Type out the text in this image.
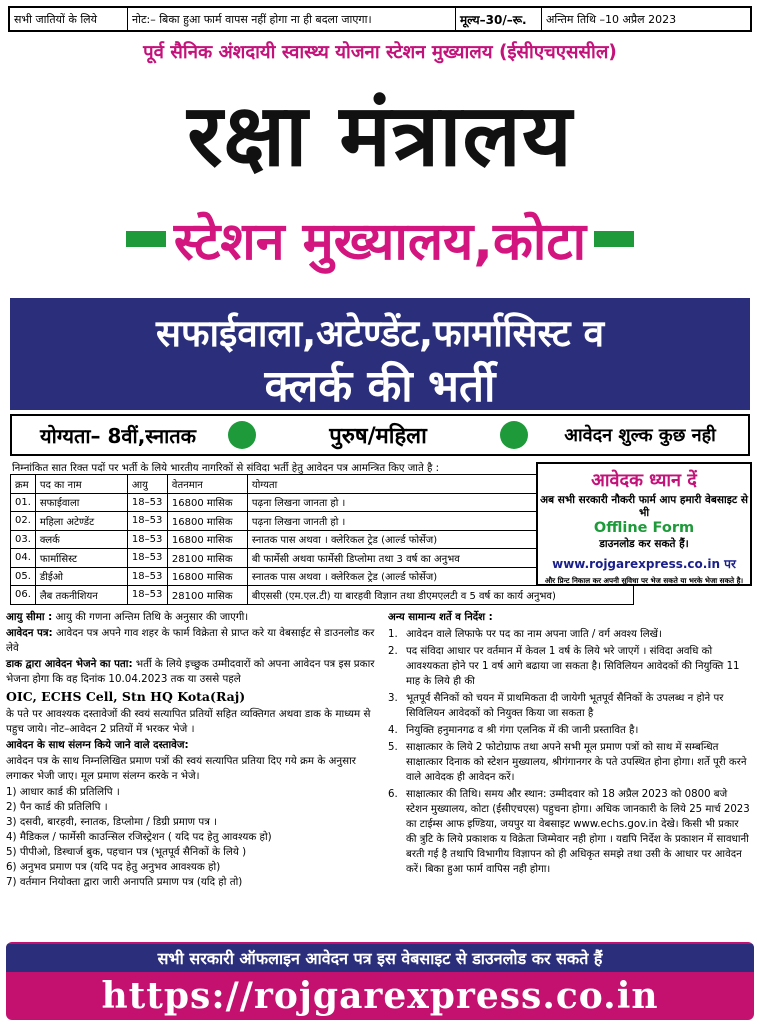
सभी जातियों के लिये	नोट:– बिका हुआ फार्म वापस नहीं होगा ना ही बदला जाएगा।	मूल्य–30/–रू.	अन्तिम तिथि –10 अप्रैल 2023
पूर्व सैनिक अंशदायी स्वास्थ्य योजना स्टेशन मुख्यालय (ईसीएचएससील)
रक्षा मंत्रालय
स्टेशन मुख्यालय,कोटा
सफाईवाला,अटेण्डेंट,फार्मासिस्ट व
क्लर्क की भर्ती
योग्यता– 8वीं,स्नातक	पुरुष/महिला	आवेदन शुल्क कुछ नही
निम्नांकित सात रिक्त पदों पर भर्ती के लिये भारतीय नागरिकों से संविदा भर्ती हेतु आवेदन पत्र आमन्त्रित किए जाते है :
क्रम	पद का नाम	आयु	वेतनमान	योग्यता
01.	सफाईवाला	18–53	16800 मासिक	पढ़ना लिखना जानता हो ।
02.	महिला अटेण्डेंट	18–53	16800 मासिक	पढ़ना लिखना जानती हो ।
03.	क्लर्क	18–53	16800 मासिक	स्नातक पास अथवा । क्लेरिकल ट्रेड (आर्ल्ड फोर्सेज)
04.	फार्मासिस्ट	18–53	28100 मासिक	बी फार्मेसी अथवा फार्मेसी डिप्लोमा तथा 3 वर्ष का अनुभव
05.	डीईओ	18–53	16800 मासिक	स्नातक पास अथवा । क्लेरिकल ट्रेड (आर्ल्ड फोर्सेज)
06.	लैब तकनीशियन	18–53	28100 मासिक	बीएससी (एम.एल.टी) या बारहवी विज्ञान तथा डीएमएलटी व 5 वर्ष का कार्य अनुभव)
आवेदक ध्यान दें
अब सभी सरकारी नौकरी फार्म आप हमारी वेबसाइट से भी
Offline Form
डाउनलोड कर सकते हैं।
www.rojgarexpress.co.in पर
और प्रिन्ट निकाल कर अपनी सुविधा पर भेज सकते या भरके भेजा सकते है।

आयु सीमा : आयु की गणना अन्तिम तिथि के अनुसार की जाएगी।

आवेदन पत्र: आवेदन पत्र अपने गाव शहर के फार्म विक्रेता से प्राप्त करे या वेबसाईट से डाउनलोड कर लेवे

डाक द्वारा आवेदन भेजने का पता: भर्ती के लिये इच्छुक उम्मीदवारों को अपना आवेदन पत्र इस प्रकार भेजना होगा कि वह दिनांक 10.04.2023 तक या उससे पहले

OIC, ECHS Cell, Stn HQ Kota(Raj)

के पते पर आवश्यक दस्तावेजों की स्वयं सत्यापित प्रतियों सहित व्यक्तिगत अथवा डाक के माध्यम से पहुच जाये। नोट–आवेदन 2 प्रतियों में भरकर भेजे ।

आवेदन के साथ संलग्न किये जाने वाले दस्तावेज:

आवेदन पत्र के साथ निम्नलिखित प्रमाण पत्रों की स्वयं सत्यापित प्रतिया दिए गये क्रम के अनुसार लगाकर भेजी जाए। मूल प्रमाण संलग्न करके न भेजे।

1) आधार कार्ड की प्रतिलिपि ।
2) पैन कार्ड की प्रतिलिपि ।
3) दसवी, बारहवी, स्नातक, डिप्लोमा / डिग्री प्रमाण पत्र ।
4) मैडिकल / फार्मेसी काउन्सिल रजिस्ट्रेशन ( यदि पद हेतु आवश्यक हो)
5) पीपीओ, डिस्चार्ज बुक, पहचान पत्र (भूतपूर्व सैनिकों के लिये )
6) अनुभव प्रमाण पत्र (यदि पद हेतु अनुभव आवश्यक हो)
7) वर्तमान नियोक्ता द्वारा जारी अनापति प्रमाण पत्र (यदि हो तो)
अन्य सामान्य शर्ते व निर्देश :
1. आवेदन वाले लिफाफे पर पद का नाम अपना जाति / वर्ग अवश्य लिखें।
2. पद संविदा आधार पर वर्तमान में केवल 1 वर्ष के लिये भरे जाएगें । संविदा अवधि को आवश्यकता होने पर 1 वर्ष आगे बढाया जा सकता है। सिविलियन आवेदकों की नियुक्ति 11 माह के लिये ही की
3. भूतपूर्व सैनिकों को चयन में प्राथमिकता दी जायेगी भूतपूर्व सैनिकों के उपलब्ध न होने पर सिविलियन आवेदकों को नियुक्त किया जा सकता है
4. नियुक्ति हनुमानगढ व श्री गंगा एलनिक में की जानी प्रस्तावित है।
5. साक्षात्कार के लिये 2 फोटोग्राफ तथा अपने सभी मूल प्रमाण पत्रों को साथ में सम्बन्धित साक्षात्कार दिनाक को स्टेशन मुख्यालय, श्रीगंगानगर के पते उपस्थित होना होगा। शर्ते पूरी करने वाले आवेदक ही आवेदन करें।
6. साक्षात्कार की तिथि। समय और स्थान: उम्मीदवार को 18 अप्रैल 2023 को 0800 बजे स्टेशन मुख्यालय, कोटा (ईसीएचएस) पहुचना होगा। अधिक जानकारी के लिये 25 मार्च 2023 का टाईम्स आफ इण्डिया, जयपुर या वेबसाइट www.echs.gov.in देखे। किसी भी प्रकार की त्रुटि के लिये प्रकाशक य विक्रेता जिम्मेवार नही होगा । यद्यपि निर्देश के प्रकाशन में सावधानी बरती गई है तथापि विभागीय विज्ञापन को ही अधिकृत समझे तथा उसी के आधार पर आवेदन करें। बिका हुआ फार्म वापिस नही होगा।
सभी सरकारी ऑफलाइन आवेदन पत्र इस वेबसाइट से डाउनलोड कर सकते हैं
https://rojgarexpress.co.in
